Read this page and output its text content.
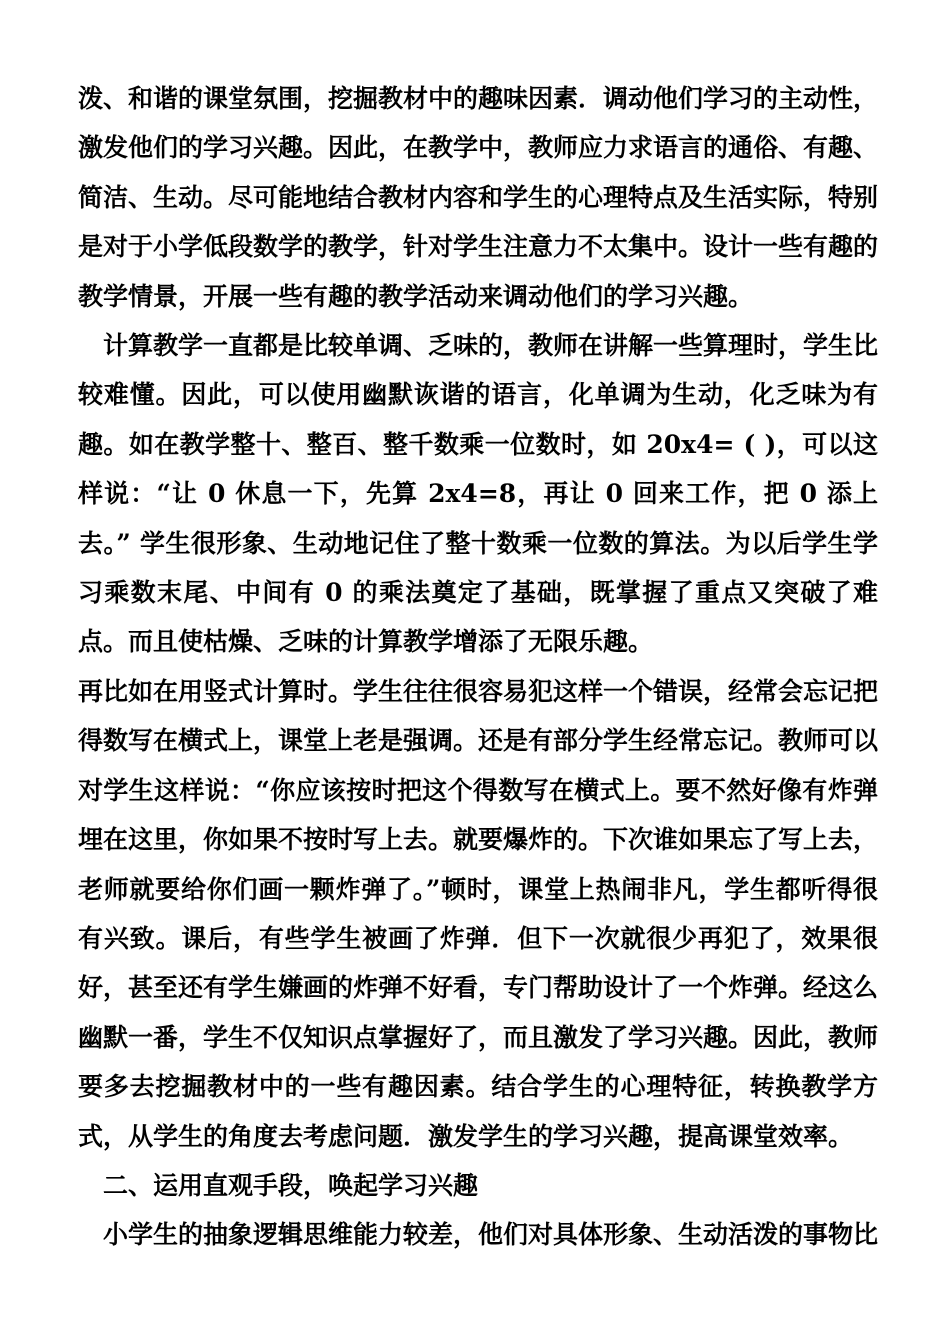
泼、和谐的课堂氛围，挖掘教材中的趣味因素．调动他们学习的主动性，激发他们的学习兴趣。因此，在教学中，教师应力求语言的通俗、有趣、简洁、生动。尽可能地结合教材内容和学生的心理特点及生活实际，特别是对于小学低段数学的教学，针对学生注意力不太集中。设计一些有趣的教学情景，开展一些有趣的教学活动来调动他们的学习兴趣。

计算教学一直都是比较单调、乏味的，教师在讲解一些算理时，学生比较难懂。因此，可以使用幽默诙谐的语言，化单调为生动，化乏味为有趣。如在教学整十、整百、整千数乘一位数时，如 20x4= ( )，可以这样说：“让 0 休息一下，先算 2x4=8，再让 0 回来工作，把 0 添上去。” 学生很形象、生动地记住了整十数乘一位数的算法。为以后学生学习乘数末尾、中间有 0 的乘法奠定了基础，既掌握了重点又突破了难点。而且使枯燥、乏味的计算教学增添了无限乐趣。

再比如在用竖式计算时。学生往往很容易犯这样一个错误，经常会忘记把得数写在横式上，课堂上老是强调。还是有部分学生经常忘记。教师可以对学生这样说：“你应该按时把这个得数写在横式上。要不然好像有炸弹埋在这里，你如果不按时写上去。就要爆炸的。下次谁如果忘了写上去，老师就要给你们画一颗炸弹了。”顿时，课堂上热闹非凡，学生都听得很有兴致。课后，有些学生被画了炸弹．但下一次就很少再犯了，效果很好，甚至还有学生嫌画的炸弹不好看，专门帮助设计了一个炸弹。经这么幽默一番，学生不仅知识点掌握好了，而且激发了学习兴趣。因此，教师要多去挖掘教材中的一些有趣因素。结合学生的心理特征，转换教学方式，从学生的角度去考虑问题．激发学生的学习兴趣，提高课堂效率。

二、运用直观手段，唤起学习兴趣

小学生的抽象逻辑思维能力较差，他们对具体形象、生动活泼的事物比
